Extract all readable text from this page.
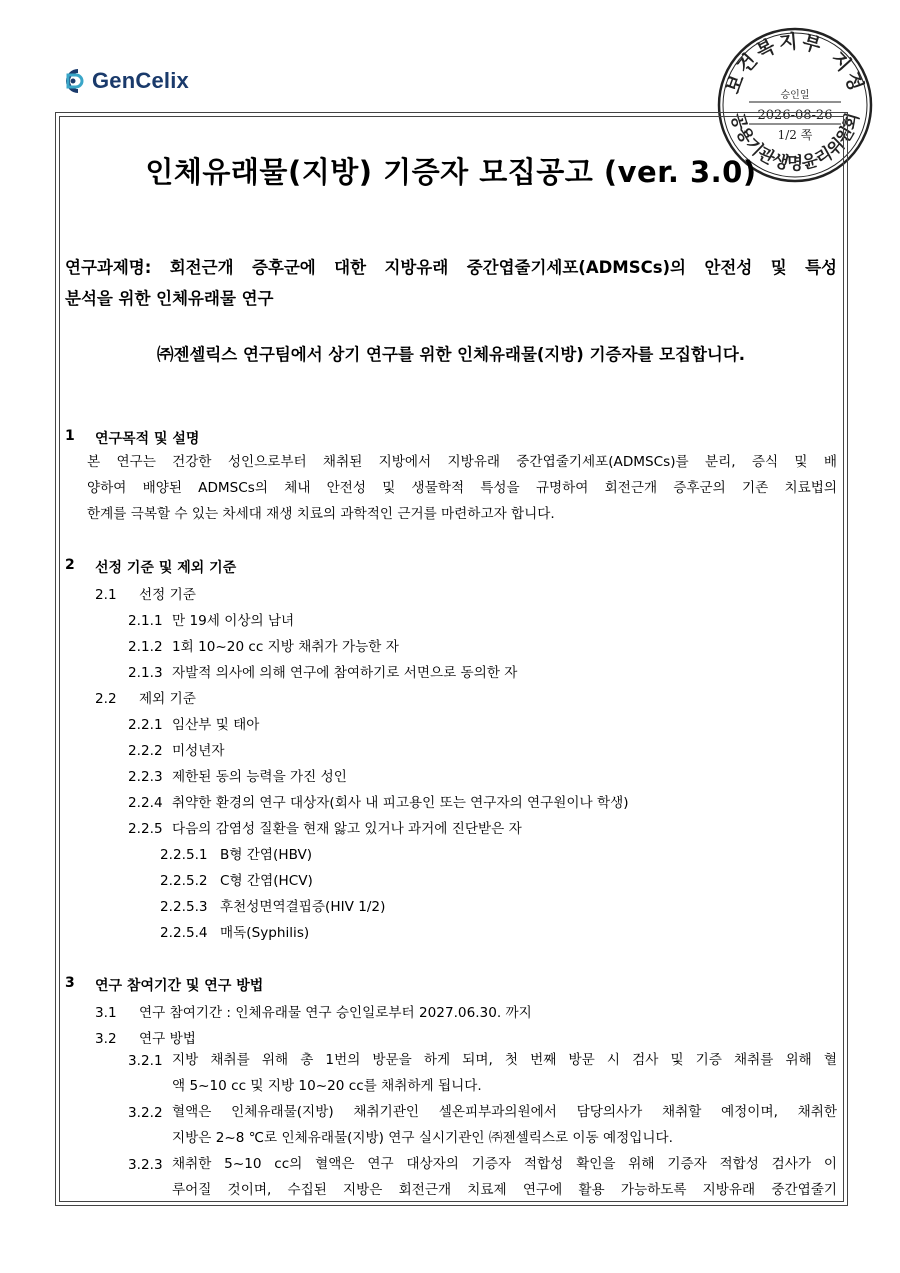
GenCelix	보건복지부 지정
공용기관생명윤리위원회
승인일
2026-08-26
1/2 쪽
인체유래물(지방) 기증자 모집공고 (ver. 3.0)
연구과제명: 회전근개 증후군에 대한 지방유래 중간엽줄기세포(ADMSCs)의 안전성 및 특성
분석을 위한 인체유래물 연구
㈜젠셀릭스 연구팀에서 상기 연구를 위한 인체유래물(지방) 기증자를 모집합니다.
1	연구목적 및 설명
본 연구는 건강한 성인으로부터 채취된 지방에서 지방유래 중간엽줄기세포(ADMSCs)를 분리, 증식 및 배
양하여 배양된 ADMSCs의 체내 안전성 및 생물학적 특성을 규명하여 회전근개 증후군의 기존 치료법의
한계를 극복할 수 있는 차세대 재생 치료의 과학적인 근거를 마련하고자 합니다.
2	선정 기준 및 제외 기준
2.1 선정 기준
2.1.1 만 19세 이상의 남녀
2.1.2 1회 10~20 cc 지방 채취가 가능한 자
2.1.3 자발적 의사에 의해 연구에 참여하기로 서면으로 동의한 자
2.2 제외 기준
2.2.1 임산부 및 태아
2.2.2 미성년자
2.2.3 제한된 동의 능력을 가진 성인
2.2.4 취약한 환경의 연구 대상자(회사 내 피고용인 또는 연구자의 연구원이나 학생)
2.2.5 다음의 감염성 질환을 현재 앓고 있거나 과거에 진단받은 자
2.2.5.1 B형 간염(HBV)
2.2.5.2 C형 간염(HCV)
2.2.5.3 후천성면역결핍증(HIV 1/2)
2.2.5.4 매독(Syphilis)
3	연구 참여기간 및 연구 방법
3.1 연구 참여기간 : 인체유래물 연구 승인일로부터 2027.06.30. 까지
3.2 연구 방법
3.2.1 지방 채취를 위해 총 1번의 방문을 하게 되며, 첫 번째 방문 시 검사 및 기증 채취를 위해 혈
액 5~10 cc 및 지방 10~20 cc를 채취하게 됩니다.
3.2.2 혈액은 인체유래물(지방) 채취기관인 셀온피부과의원에서 담당의사가 채취할 예정이며, 채취한
지방은 2~8 ℃로 인체유래물(지방) 연구 실시기관인 ㈜젠셀릭스로 이동 예정입니다.
3.2.3 채취한 5~10 cc의 혈액은 연구 대상자의 기증자 적합성 확인을 위해 기증자 적합성 검사가 이
루어질 것이며, 수집된 지방은 회전근개 치료제 연구에 활용 가능하도록 지방유래 중간엽줄기
